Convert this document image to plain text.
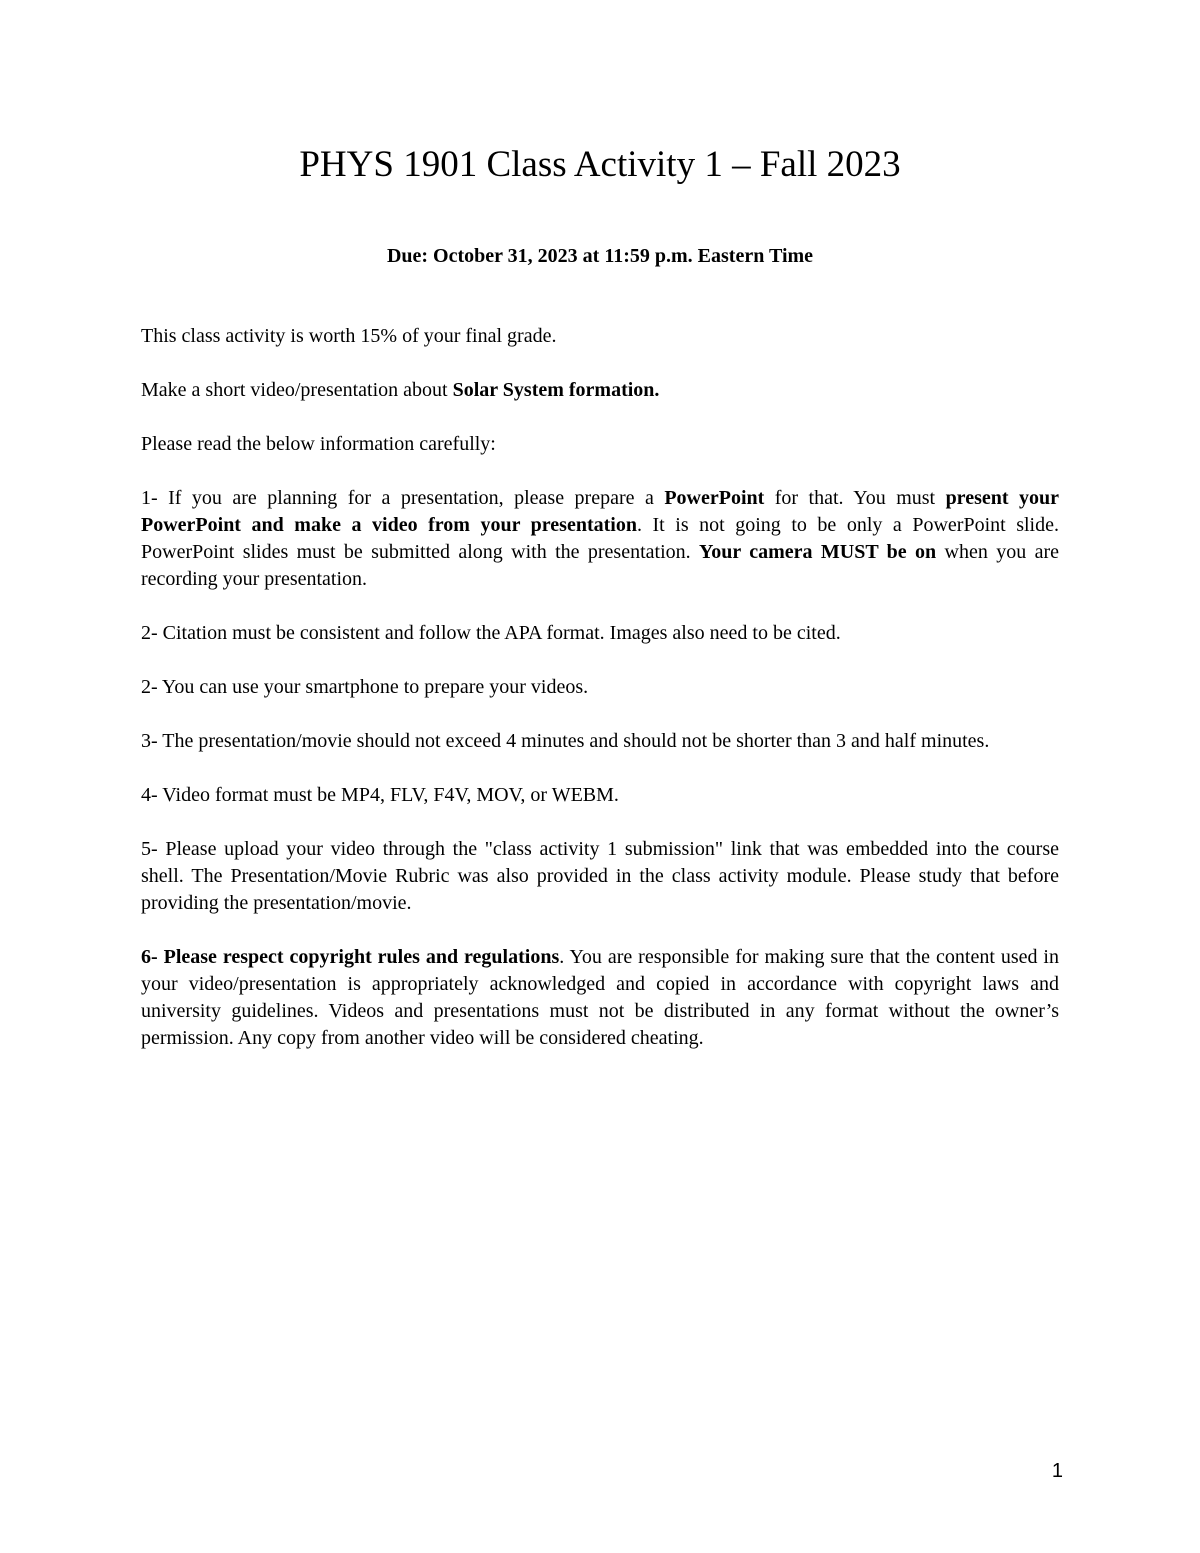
PHYS 1901 Class Activity 1 – Fall 2023
Due: October 31, 2023 at 11:59 p.m. Eastern Time

This class activity is worth 15% of your final grade.

Make a short video/presentation about Solar System formation.

Please read the below information carefully:

1- If you are planning for a presentation, please prepare a PowerPoint for that. You must present your PowerPoint and make a video from your presentation. It is not going to be only a PowerPoint slide. PowerPoint slides must be submitted along with the presentation. Your camera MUST be on when you are recording your presentation.

2- Citation must be consistent and follow the APA format. Images also need to be cited.

2- You can use your smartphone to prepare your videos.

3- The presentation/movie should not exceed 4 minutes and should not be shorter than 3 and half minutes.

4- Video format must be MP4, FLV, F4V, MOV, or WEBM.

5- Please upload your video through the "class activity 1 submission" link that was embedded into the course shell. The Presentation/Movie Rubric was also provided in the class activity module. Please study that before providing the presentation/movie.

6- Please respect copyright rules and regulations. You are responsible for making sure that the content used in your video/presentation is appropriately acknowledged and copied in accordance with copyright laws and university guidelines. Videos and presentations must not be distributed in any format without the owner’s permission. Any copy from another video will be considered cheating.

1
